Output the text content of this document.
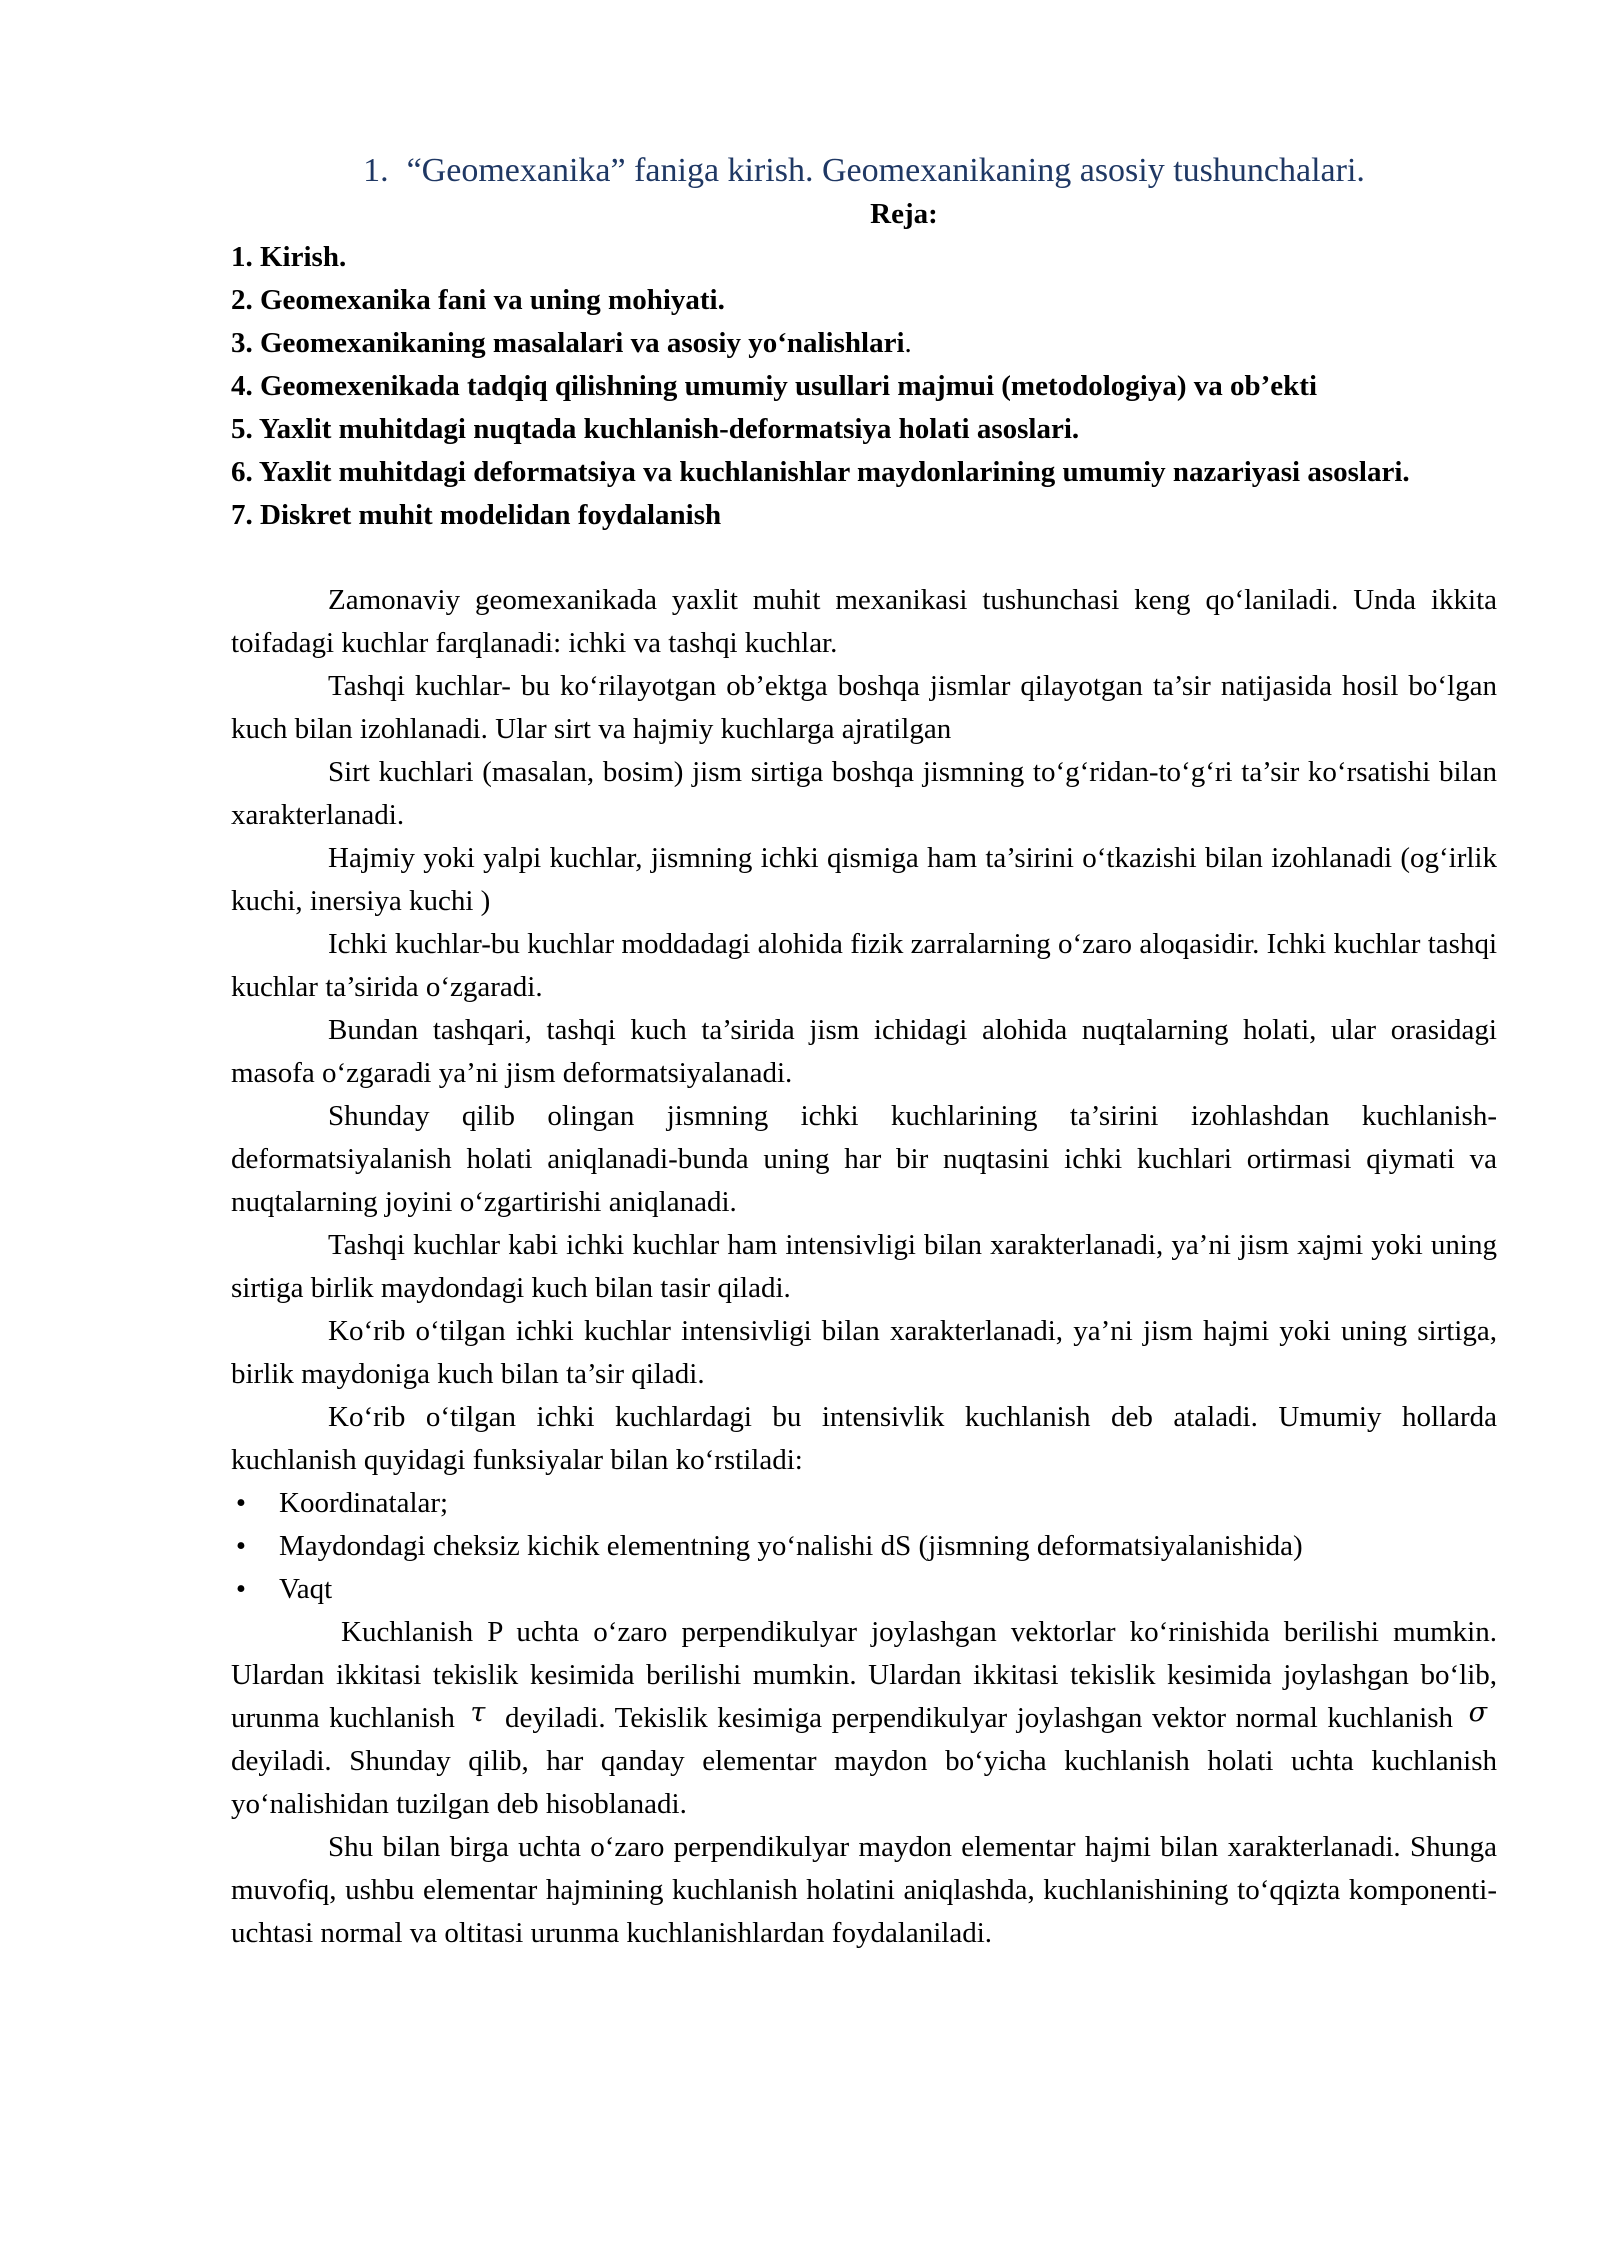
1. “Geomexanika” faniga kirish. Geomexanikaning asosiy tushunchalari.
Reja:
1. Kirish.
2. Geomexanika fani va uning mohiyati.
3. Geomexanikaning masalalari va asosiy yo‘nalishlari.
4. Geomexenikada tadqiq qilishning umumiy usullari majmui (metodologiya) va ob’ekti
5. Yaxlit muhitdagi nuqtada kuchlanish-deformatsiya holati asoslari.
6. Yaxlit muhitdagi deformatsiya va kuchlanishlar maydonlarining umumiy nazariyasi asoslari.
7. Diskret muhit modelidan foydalanish

Zamonaviy geomexanikada yaxlit muhit mexanikasi tushunchasi keng qo‘laniladi. Unda ikkita toifadagi kuchlar farqlanadi: ichki va tashqi kuchlar.

Tashqi kuchlar- bu ko‘rilayotgan ob’ektga boshqa jismlar qilayotgan ta’sir natijasida hosil bo‘lgan kuch bilan izohlanadi. Ular sirt va hajmiy kuchlarga ajratilgan

Sirt kuchlari (masalan, bosim) jism sirtiga boshqa jismning to‘g‘ridan-to‘g‘ri ta’sir ko‘rsatishi bilan xarakterlanadi.

Hajmiy yoki yalpi kuchlar, jismning ichki qismiga ham ta’sirini o‘tkazishi bilan izohlanadi (og‘irlik kuchi, inersiya kuchi )

Ichki kuchlar-bu kuchlar moddadagi alohida fizik zarralarning o‘zaro aloqasidir. Ichki kuchlar tashqi kuchlar ta’sirida o‘zgaradi.

Bundan tashqari, tashqi kuch ta’sirida jism ichidagi alohida nuqtalarning holati, ular orasidagi masofa o‘zgaradi ya’ni jism deformatsiyalanadi.

Shunday qilib olingan jismning ichki kuchlarining ta’sirini izohlashdan kuchlanish-deformatsiyalanish holati aniqlanadi-bunda uning har bir nuqtasini ichki kuchlari ortirmasi qiymati va nuqtalarning joyini o‘zgartirishi aniqlanadi.

Tashqi kuchlar kabi ichki kuchlar ham intensivligi bilan xarakterlanadi, ya’ni jism xajmi yoki uning sirtiga birlik maydondagi kuch bilan tasir qiladi.

Ko‘rib o‘tilgan ichki kuchlar intensivligi bilan xarakterlanadi, ya’ni jism hajmi yoki uning sirtiga, birlik maydoniga kuch bilan ta’sir qiladi.

Ko‘rib o‘tilgan ichki kuchlardagi bu intensivlik kuchlanish deb ataladi. Umumiy hollarda kuchlanish quyidagi funksiyalar bilan ko‘rstiladi:

• Koordinatalar;
• Maydondagi cheksiz kichik elementning yo‘nalishi dS (jismning deformatsiyalanishida)
• Vaqt

Kuchlanish P uchta o‘zaro perpendikulyar joylashgan vektorlar ko‘rinishida berilishi mumkin. Ulardan ikkitasi tekislik kesimida berilishi mumkin. Ulardan ikkitasi tekislik kesimida joylashgan bo‘lib, urunma kuchlanish τ deyiladi. Tekislik kesimiga perpendikulyar joylashgan vektor normal kuchlanish σ deyiladi. Shunday qilib, har qanday elementar maydon bo‘yicha kuchlanish holati uchta kuchlanish yo‘nalishidan tuzilgan deb hisoblanadi.

Shu bilan birga uchta o‘zaro perpendikulyar maydon elementar hajmi bilan xarakterlanadi. Shunga muvofiq, ushbu elementar hajmining kuchlanish holatini aniqlashda, kuchlanishining to‘qqizta komponenti-uchtasi normal va oltitasi urunma kuchlanishlardan foydalaniladi.
